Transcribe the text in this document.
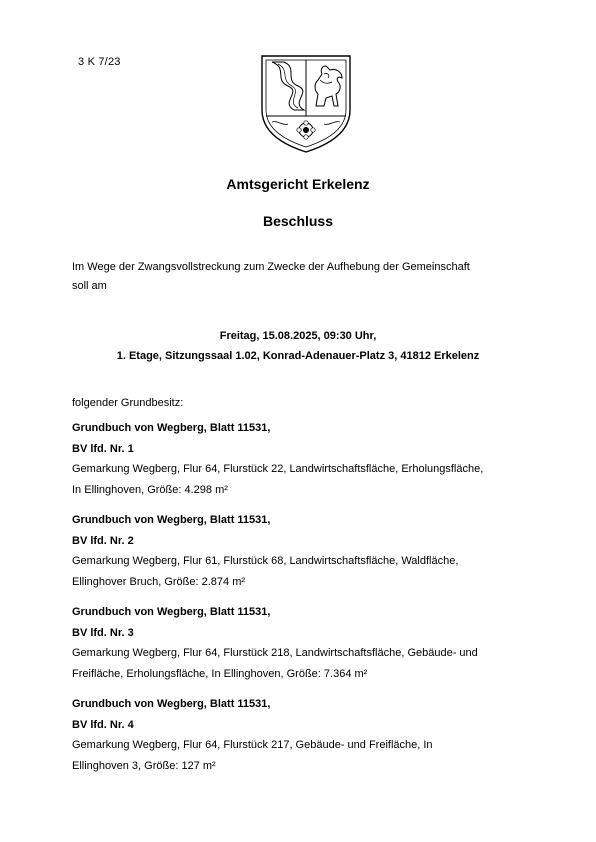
3 K 7/23
Amtsgericht Erkelenz
Beschluss
Im Wege der Zwangsvollstreckung zum Zwecke der Aufhebung der Gemeinschaft
soll am
Freitag, 15.08.2025, 09:30 Uhr,
1. Etage, Sitzungssaal 1.02, Konrad-Adenauer-Platz 3, 41812 Erkelenz
folgender Grundbesitz:
Grundbuch von Wegberg, Blatt 11531,
BV lfd. Nr. 1
Gemarkung Wegberg, Flur 64, Flurstück 22, Landwirtschaftsfläche, Erholungsfläche,
In Ellinghoven, Größe: 4.298 m²
Grundbuch von Wegberg, Blatt 11531,
BV lfd. Nr. 2
Gemarkung Wegberg, Flur 61, Flurstück 68, Landwirtschaftsfläche, Waldfläche,
Ellinghover Bruch, Größe: 2.874 m²
Grundbuch von Wegberg, Blatt 11531,
BV lfd. Nr. 3
Gemarkung Wegberg, Flur 64, Flurstück 218, Landwirtschaftsfläche, Gebäude- und
Freifläche, Erholungsfläche, In Ellinghoven, Größe: 7.364 m²
Grundbuch von Wegberg, Blatt 11531,
BV lfd. Nr. 4
Gemarkung Wegberg, Flur 64, Flurstück 217, Gebäude- und Freifläche, In
Ellinghoven 3, Größe: 127 m²
